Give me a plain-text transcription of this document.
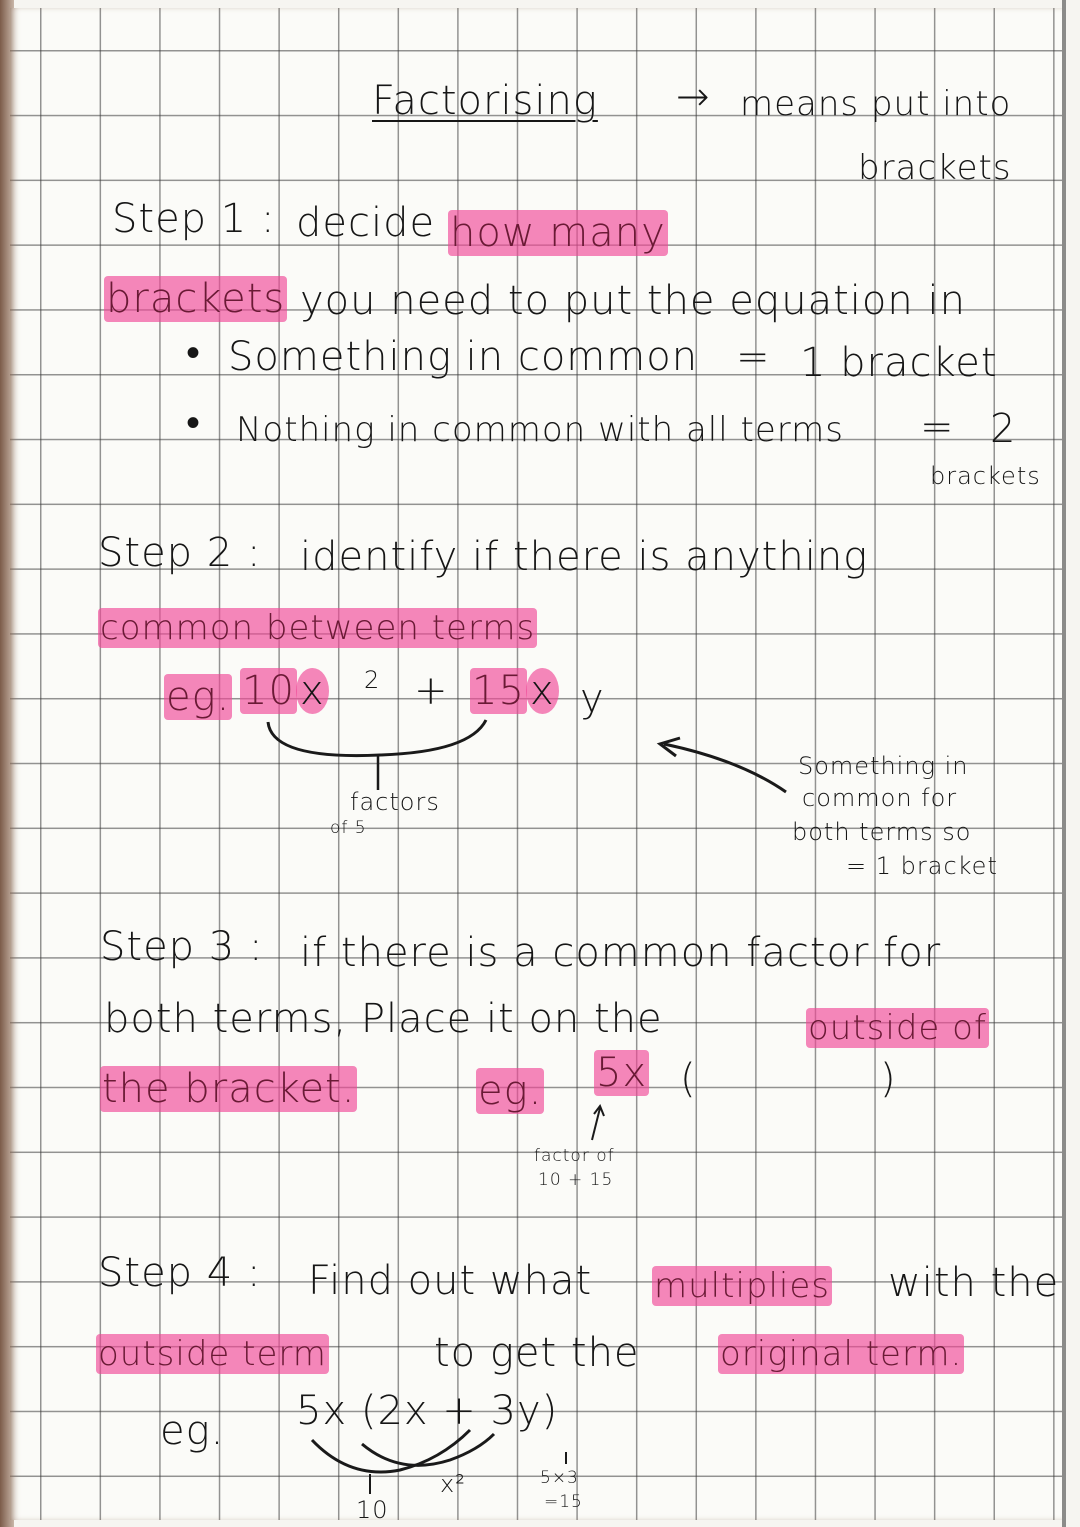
Factorising → means put into
brackets
Step 1 : decide how many
brackets you need to put the equation in
• Something in common = 1 bracket
• Nothing in common with all terms = 2
brackets
Step 2 : identify if there is anything
common between terms
eg. 10 x 2 + 15 x y
factors
of 5
Something in
common for
both terms so
= 1 bracket
Step 3 : if there is a common factor for
both terms, Place it on the	outside of
the bracket.	eg. 5x (	)
factor of
10 + 15
Step 4 : Find out what multiplies with the
outside term	to get the original term.
eg. 5x (2x + 3y)
10
x²	5×3
=15
